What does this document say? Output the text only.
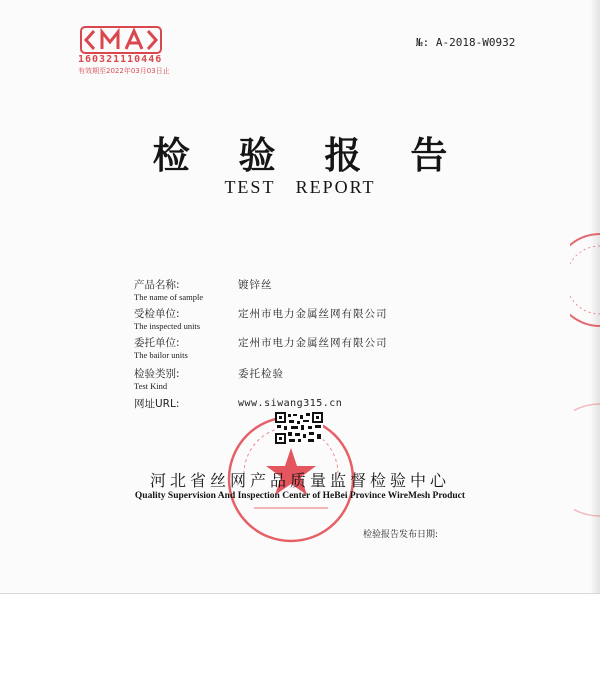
160321110446
有效期至2022年03月03日止
№: A-2018-W0932
检 验 报 告
TEST REPORT
产品名称:
The name of sample
镀锌丝
受检单位:
The inspected units
定州市电力金属丝网有限公司
委托单位:
The bailor units
定州市电力金属丝网有限公司
检验类别:
Test Kind
委托检验
网址URL:	www.siwang315.cn
河北省丝网产品质量监督检验中心
Quality Supervision And Inspection Center of HeBei Province WireMesh Product
检验报告发布日期:
